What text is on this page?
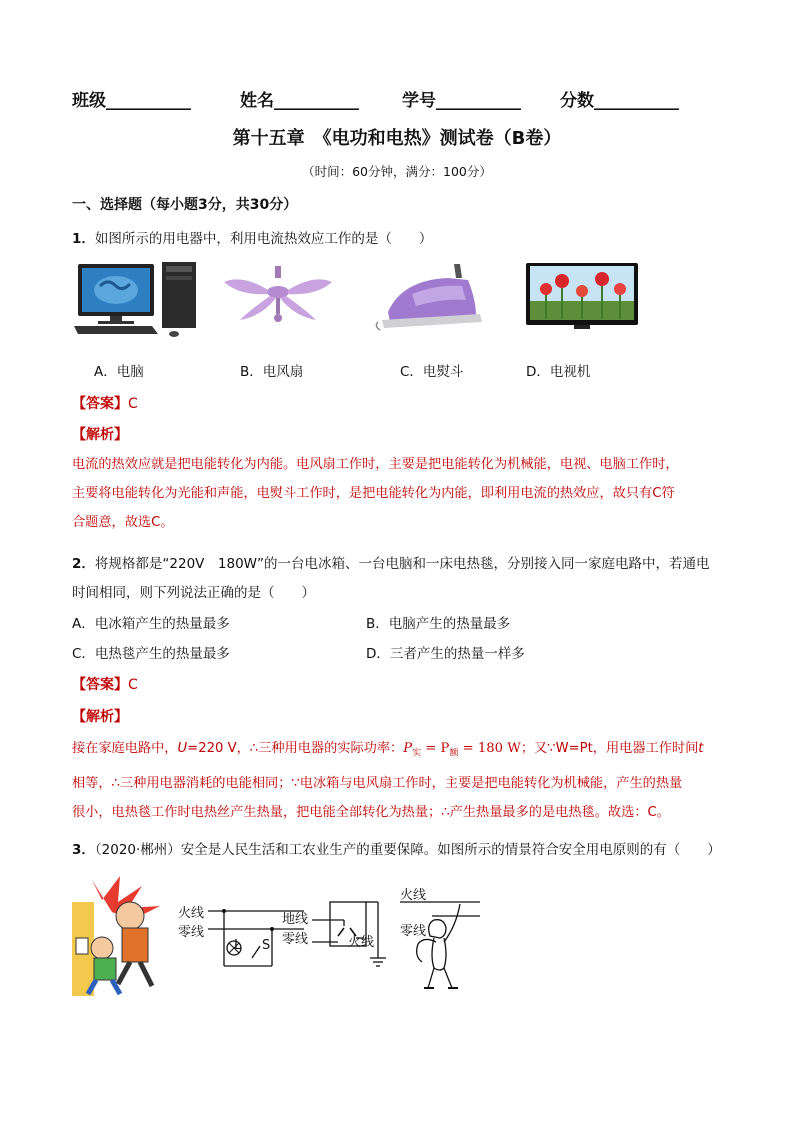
班级__________	姓名__________	学号__________ 分数__________
第十五章　《电功和电热》测试卷（B卷）
（时间：60分钟，满分：100分）
一、选择题（每小题3分，共30分）
1．如图所示的用电器中，利用电流热效应工作的是（　　）
A．电脑	B．电风扇	C．电熨斗	D．电视机
【答案】C
【解析】
电流的热效应就是把电能转化为内能。电风扇工作时，主要是把电能转化为机械能，电视、电脑工作时，
主要将电能转化为光能和声能，电熨斗工作时，是把电能转化为内能，即利用电流的热效应，故只有C符
合题意，故选C。
2．将规格都是“220V　180W”的一台电冰箱、一台电脑和一床电热毯，分别接入同一家庭电路中，若通电
时间相同，则下列说法正确的是（　　）
A．电冰箱产生的热量最多	B．电脑产生的热量最多
C．电热毯产生的热量最多	D．三者产生的热量一样多
【答案】C
【解析】
接在家庭电路中，U=220 V，∴三种用电器的实际功率：$P_实 = P_额 = 180$ W；又∵W=Pt，用电器工作时间t
相等，∴三种用电器消耗的电能相同；∵电冰箱与电风扇工作时，主要是把电能转化为机械能，产生的热量
很小，电热毯工作时电热丝产生热量，把电能全部转化为热量；∴产生热量最多的是电热毯。故选：C。
3．（2020·郴州）安全是人民生活和工农业生产的重要保障。如图所示的情景符合安全用电原则的有（　　）
火线
零线
L S
地线
零线	火线
火线
零线
